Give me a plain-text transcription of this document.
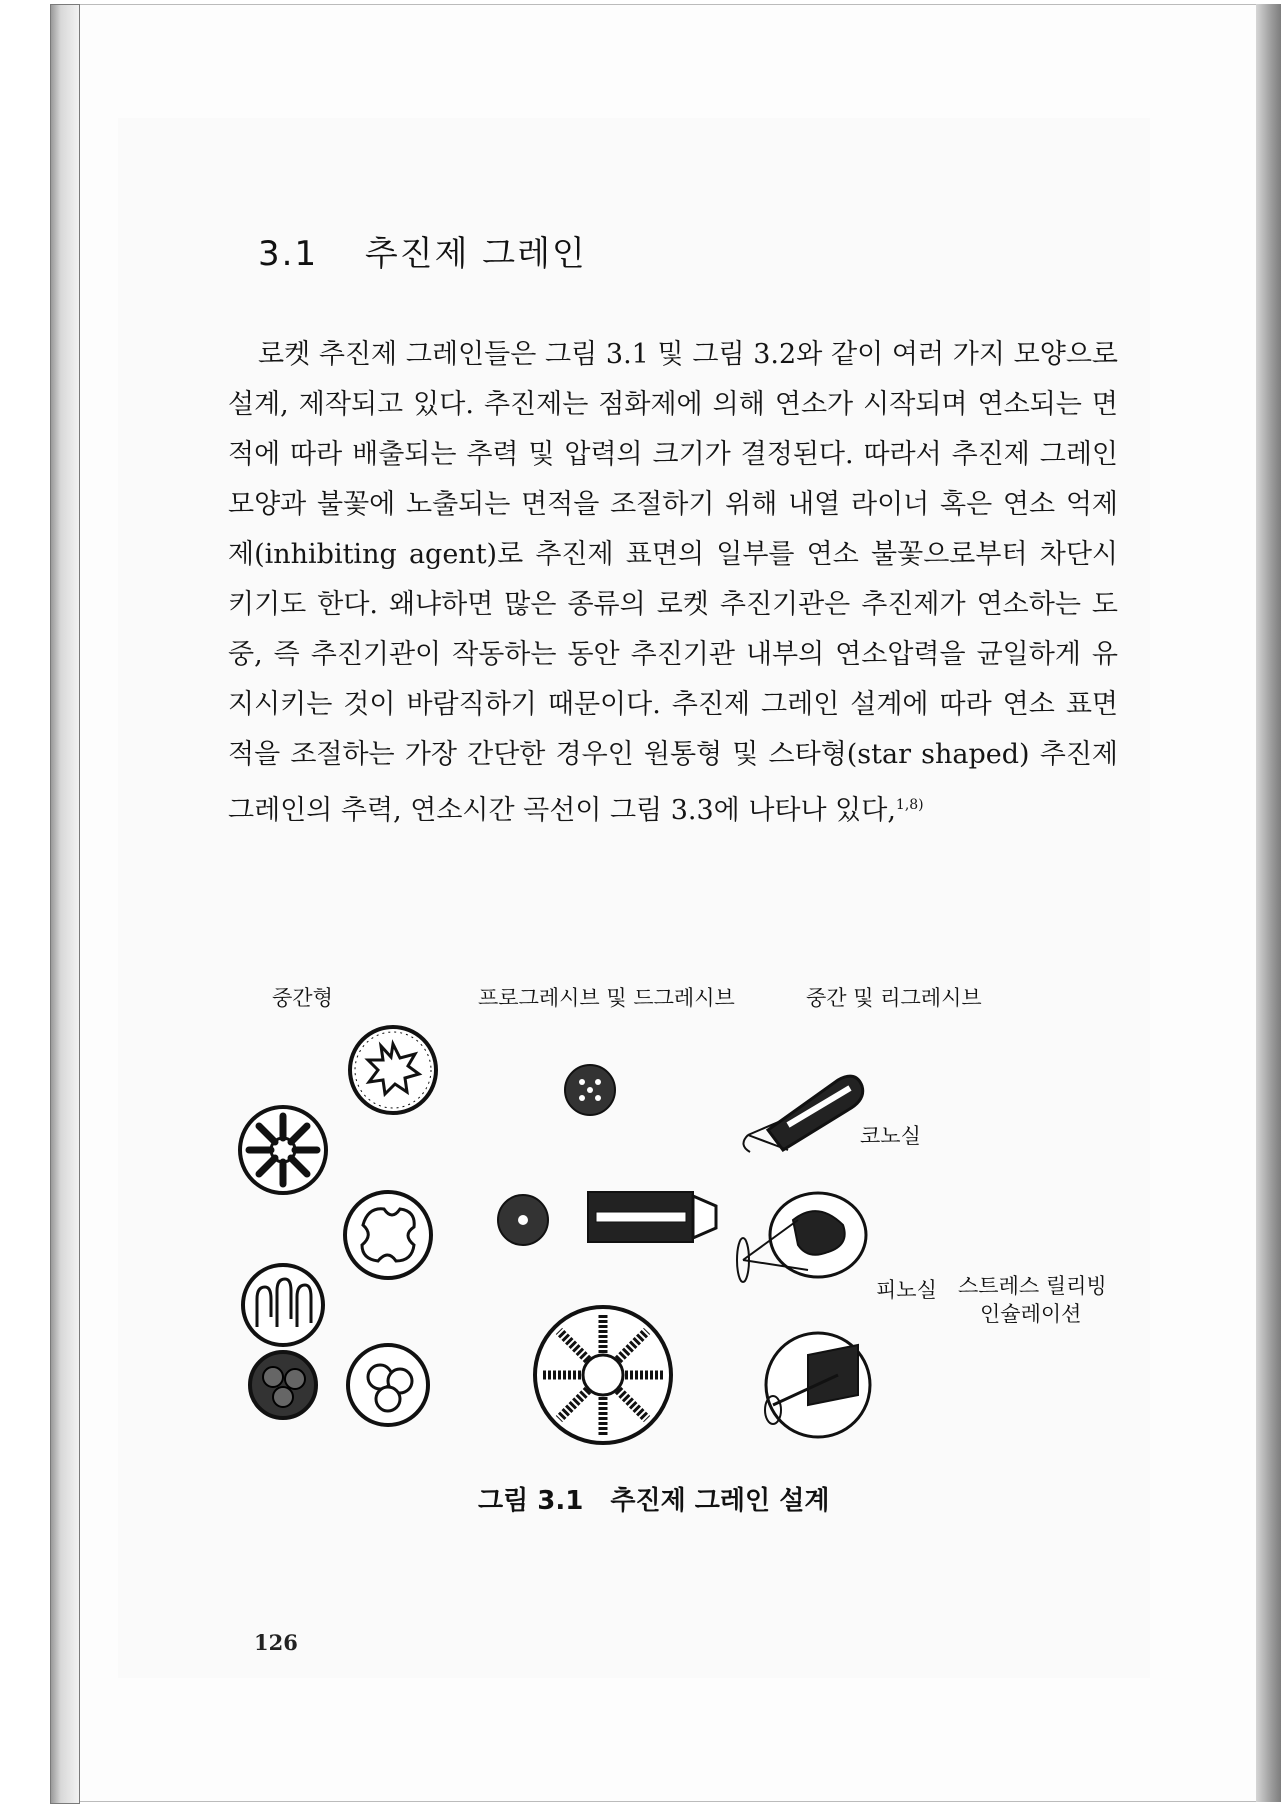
3.1 추진제 그레인

로켓 추진제 그레인들은 그림 3.1 및 그림 3.2와 같이 여러 가지 모양으로 설계, 제작되고 있다. 추진제는 점화제에 의해 연소가 시작되며 연소되는 면적에 따라 배출되는 추력 및 압력의 크기가 결정된다. 따라서 추진제 그레인 모양과 불꽃에 노출되는 면적을 조절하기 위해 내열 라이너 혹은 연소 억제제(inhibiting agent)로 추진제 표면의 일부를 연소 불꽃으로부터 차단시키기도 한다. 왜냐하면 많은 종류의 로켓 추진기관은 추진제가 연소하는 도중, 즉 추진기관이 작동하는 동안 추진기관 내부의 연소압력을 균일하게 유지시키는 것이 바람직하기 때문이다. 추진제 그레인 설계에 따라 연소 표면적을 조절하는 가장 간단한 경우인 원통형 및 스타형(star shaped) 추진제 그레인의 추력, 연소시간 곡선이 그림 3.3에 나타나 있다,$^{1,8)}$

중간형	프로그레시브 및 드그레시브	중간 및 리그레시브
코노실
피노실 스트레스 릴리빙
인슐레이션
그림 3.1 추진제 그레인 설계
126
